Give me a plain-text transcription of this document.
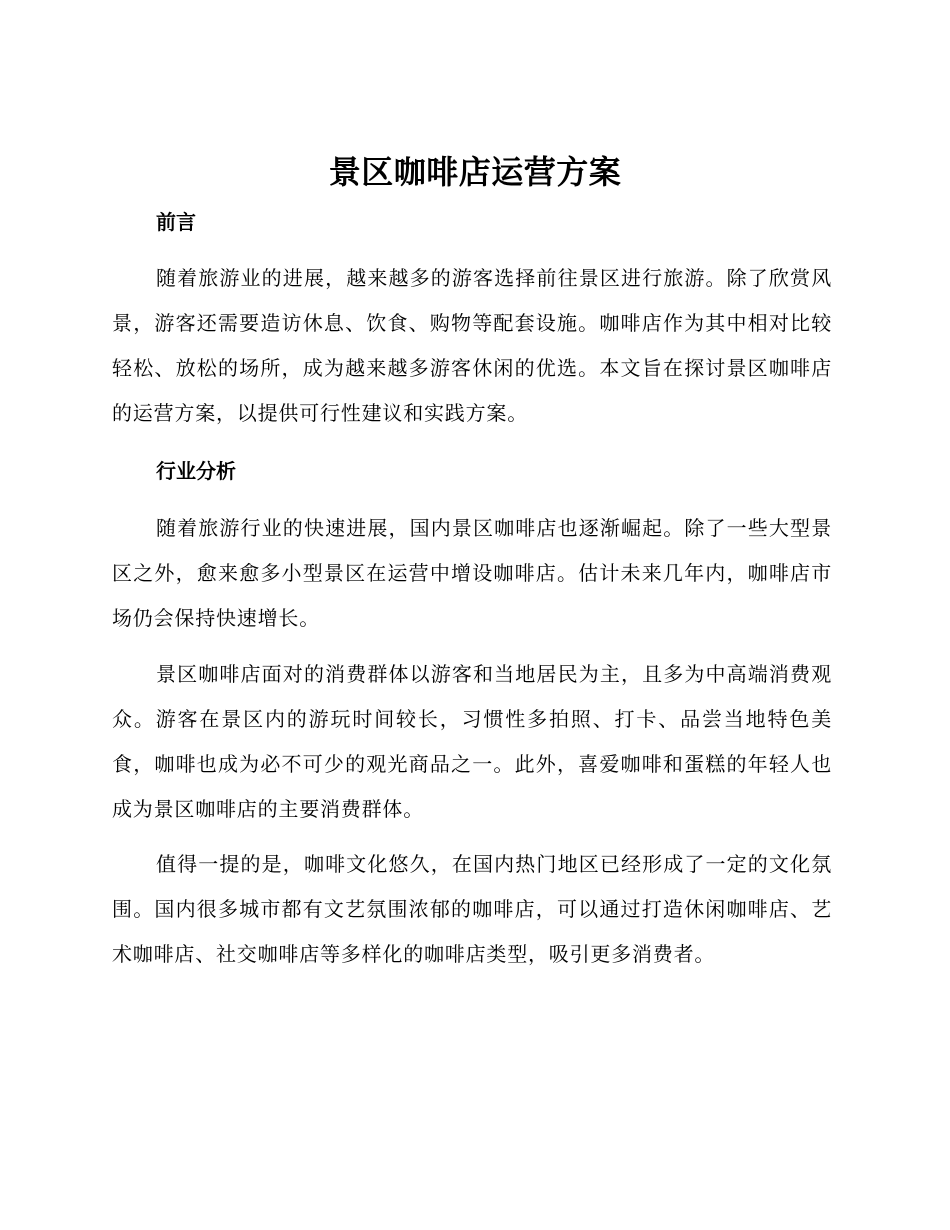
景区咖啡店运营方案
前言

随着旅游业的进展，越来越多的游客选择前往景区进行旅游。除了欣赏风景，游客还需要造访休息、饮食、购物等配套设施。咖啡店作为其中相对比较轻松、放松的场所，成为越来越多游客休闲的优选。本文旨在探讨景区咖啡店的运营方案，以提供可行性建议和实践方案。

行业分析

随着旅游行业的快速进展，国内景区咖啡店也逐渐崛起。除了一些大型景区之外，愈来愈多小型景区在运营中增设咖啡店。估计未来几年内，咖啡店市场仍会保持快速增长。

景区咖啡店面对的消费群体以游客和当地居民为主，且多为中高端消费观众。游客在景区内的游玩时间较长，习惯性多拍照、打卡、品尝当地特色美食，咖啡也成为必不可少的观光商品之一。此外，喜爱咖啡和蛋糕的年轻人也成为景区咖啡店的主要消费群体。

值得一提的是，咖啡文化悠久，在国内热门地区已经形成了一定的文化氛围。国内很多城市都有文艺氛围浓郁的咖啡店，可以通过打造休闲咖啡店、艺术咖啡店、社交咖啡店等多样化的咖啡店类型，吸引更多消费者。
